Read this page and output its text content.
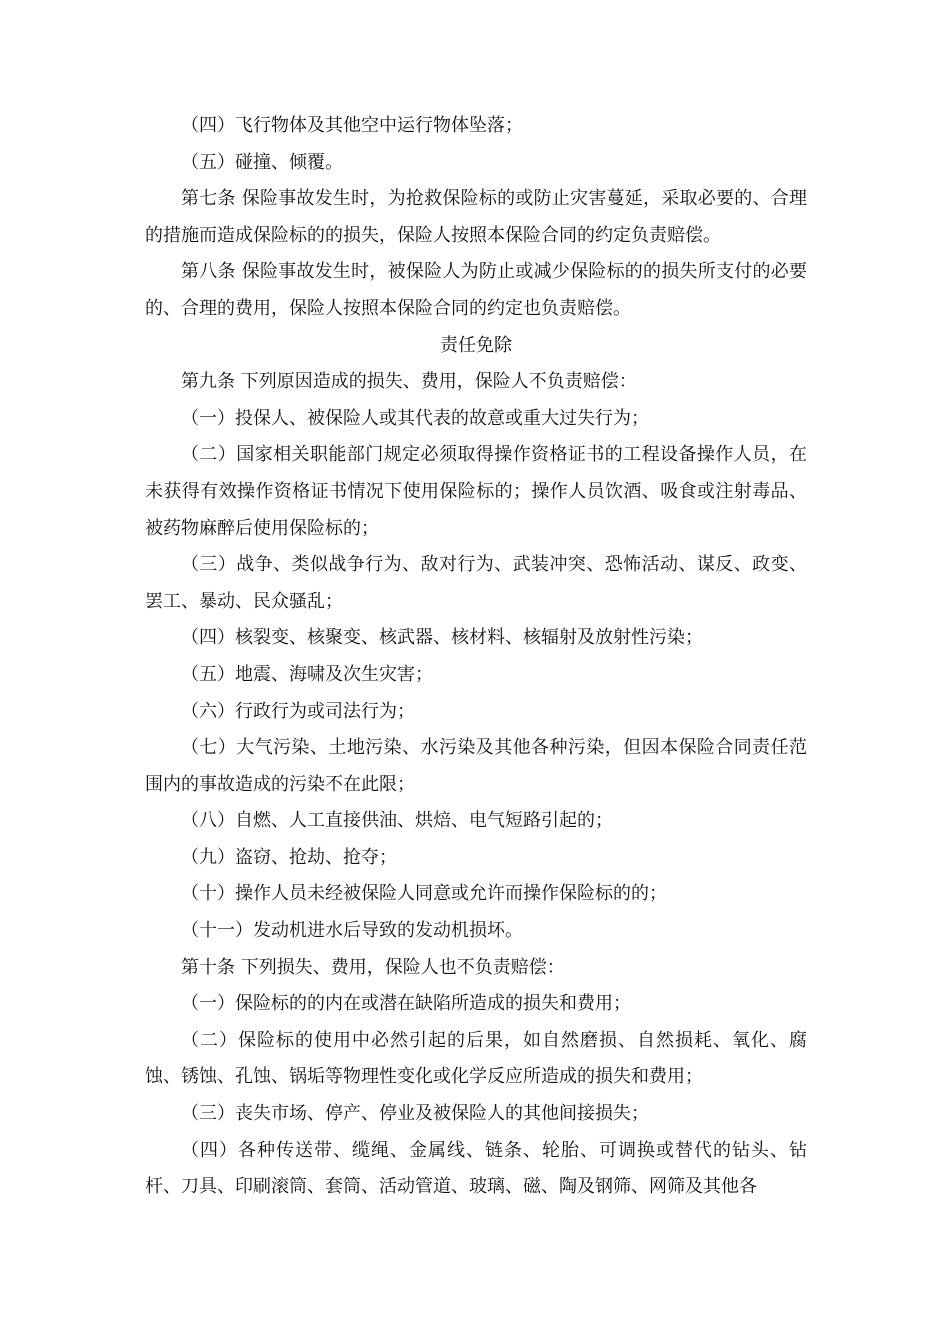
（四）飞行物体及其他空中运行物体坠落；

（五）碰撞、倾覆。

第七条 保险事故发生时，为抢救保险标的或防止灾害蔓延，采取必要的、合理的措施而造成保险标的的损失，保险人按照本保险合同的约定负责赔偿。

第八条 保险事故发生时，被保险人为防止或减少保险标的的损失所支付的必要的、合理的费用，保险人按照本保险合同的约定也负责赔偿。

责任免除

第九条 下列原因造成的损失、费用，保险人不负责赔偿：

（一）投保人、被保险人或其代表的故意或重大过失行为；

（二）国家相关职能部门规定必须取得操作资格证书的工程设备操作人员，在未获得有效操作资格证书情况下使用保险标的；操作人员饮酒、吸食或注射毒品、被药物麻醉后使用保险标的；

（三）战争、类似战争行为、敌对行为、武装冲突、恐怖活动、谋反、政变、罢工、暴动、民众骚乱；

（四）核裂变、核聚变、核武器、核材料、核辐射及放射性污染；

（五）地震、海啸及次生灾害；

（六）行政行为或司法行为；

（七）大气污染、土地污染、水污染及其他各种污染，但因本保险合同责任范围内的事故造成的污染不在此限；

（八）自燃、人工直接供油、烘焙、电气短路引起的；

（九）盗窃、抢劫、抢夺；

（十）操作人员未经被保险人同意或允许而操作保险标的的；

（十一）发动机进水后导致的发动机损坏。

第十条 下列损失、费用，保险人也不负责赔偿：

（一）保险标的的内在或潜在缺陷所造成的损失和费用；

（二）保险标的使用中必然引起的后果，如自然磨损、自然损耗、氧化、腐蚀、锈蚀、孔蚀、锅垢等物理性变化或化学反应所造成的损失和费用；

（三）丧失市场、停产、停业及被保险人的其他间接损失；

（四）各种传送带、缆绳、金属线、链条、轮胎、可调换或替代的钻头、钻杆、刀具、印刷滚筒、套筒、活动管道、玻璃、磁、陶及钢筛、网筛及其他各
